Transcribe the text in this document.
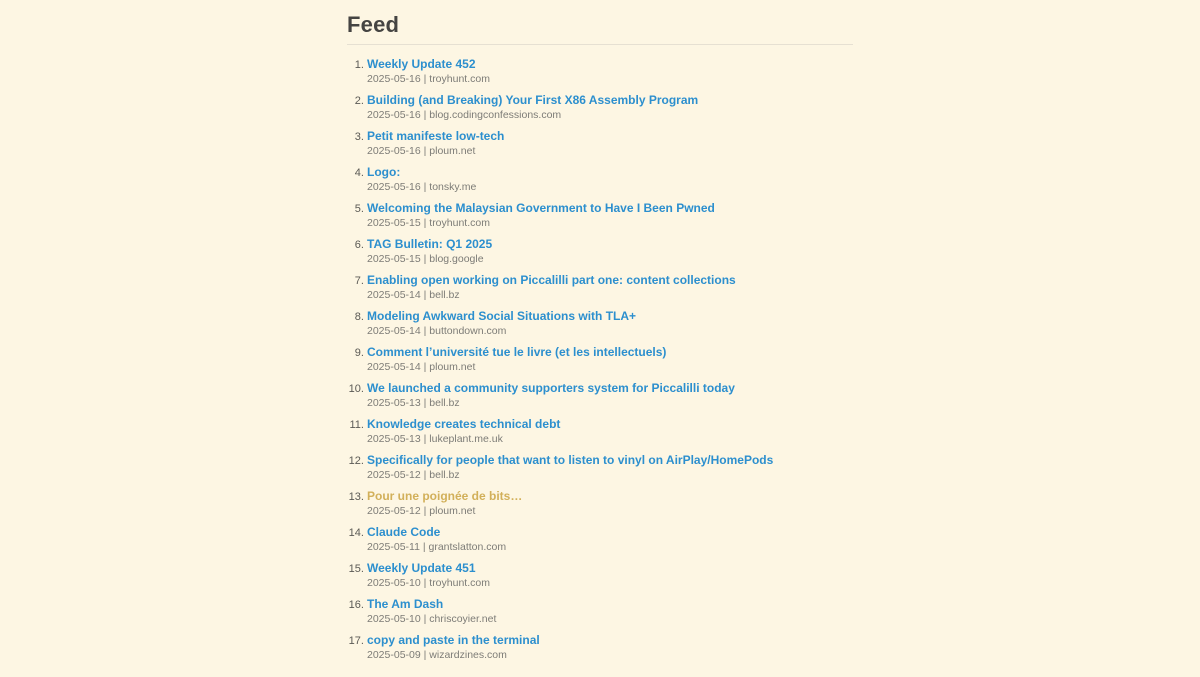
Feed
1. Weekly Update 452
2025-05-16 | troyhunt.com
2. Building (and Breaking) Your First X86 Assembly Program
2025-05-16 | blog.codingconfessions.com
3. Petit manifeste low-tech
2025-05-16 | ploum.net
4. Logo:
2025-05-16 | tonsky.me
5. Welcoming the Malaysian Government to Have I Been Pwned
2025-05-15 | troyhunt.com
6. TAG Bulletin: Q1 2025
2025-05-15 | blog.google
7. Enabling open working on Piccalilli part one: content collections
2025-05-14 | bell.bz
8. Modeling Awkward Social Situations with TLA+
2025-05-14 | buttondown.com
9. Comment l’université tue le livre (et les intellectuels)
2025-05-14 | ploum.net
10. We launched a community supporters system for Piccalilli today
2025-05-13 | bell.bz
11. Knowledge creates technical debt
2025-05-13 | lukeplant.me.uk
12. Specifically for people that want to listen to vinyl on AirPlay/HomePods
2025-05-12 | bell.bz
13. Pour une poignée de bits…
2025-05-12 | ploum.net
14. Claude Code
2025-05-11 | grantslatton.com
15. Weekly Update 451
2025-05-10 | troyhunt.com
16. The Am Dash
2025-05-10 | chriscoyier.net
17. copy and paste in the terminal
2025-05-09 | wizardzines.com
